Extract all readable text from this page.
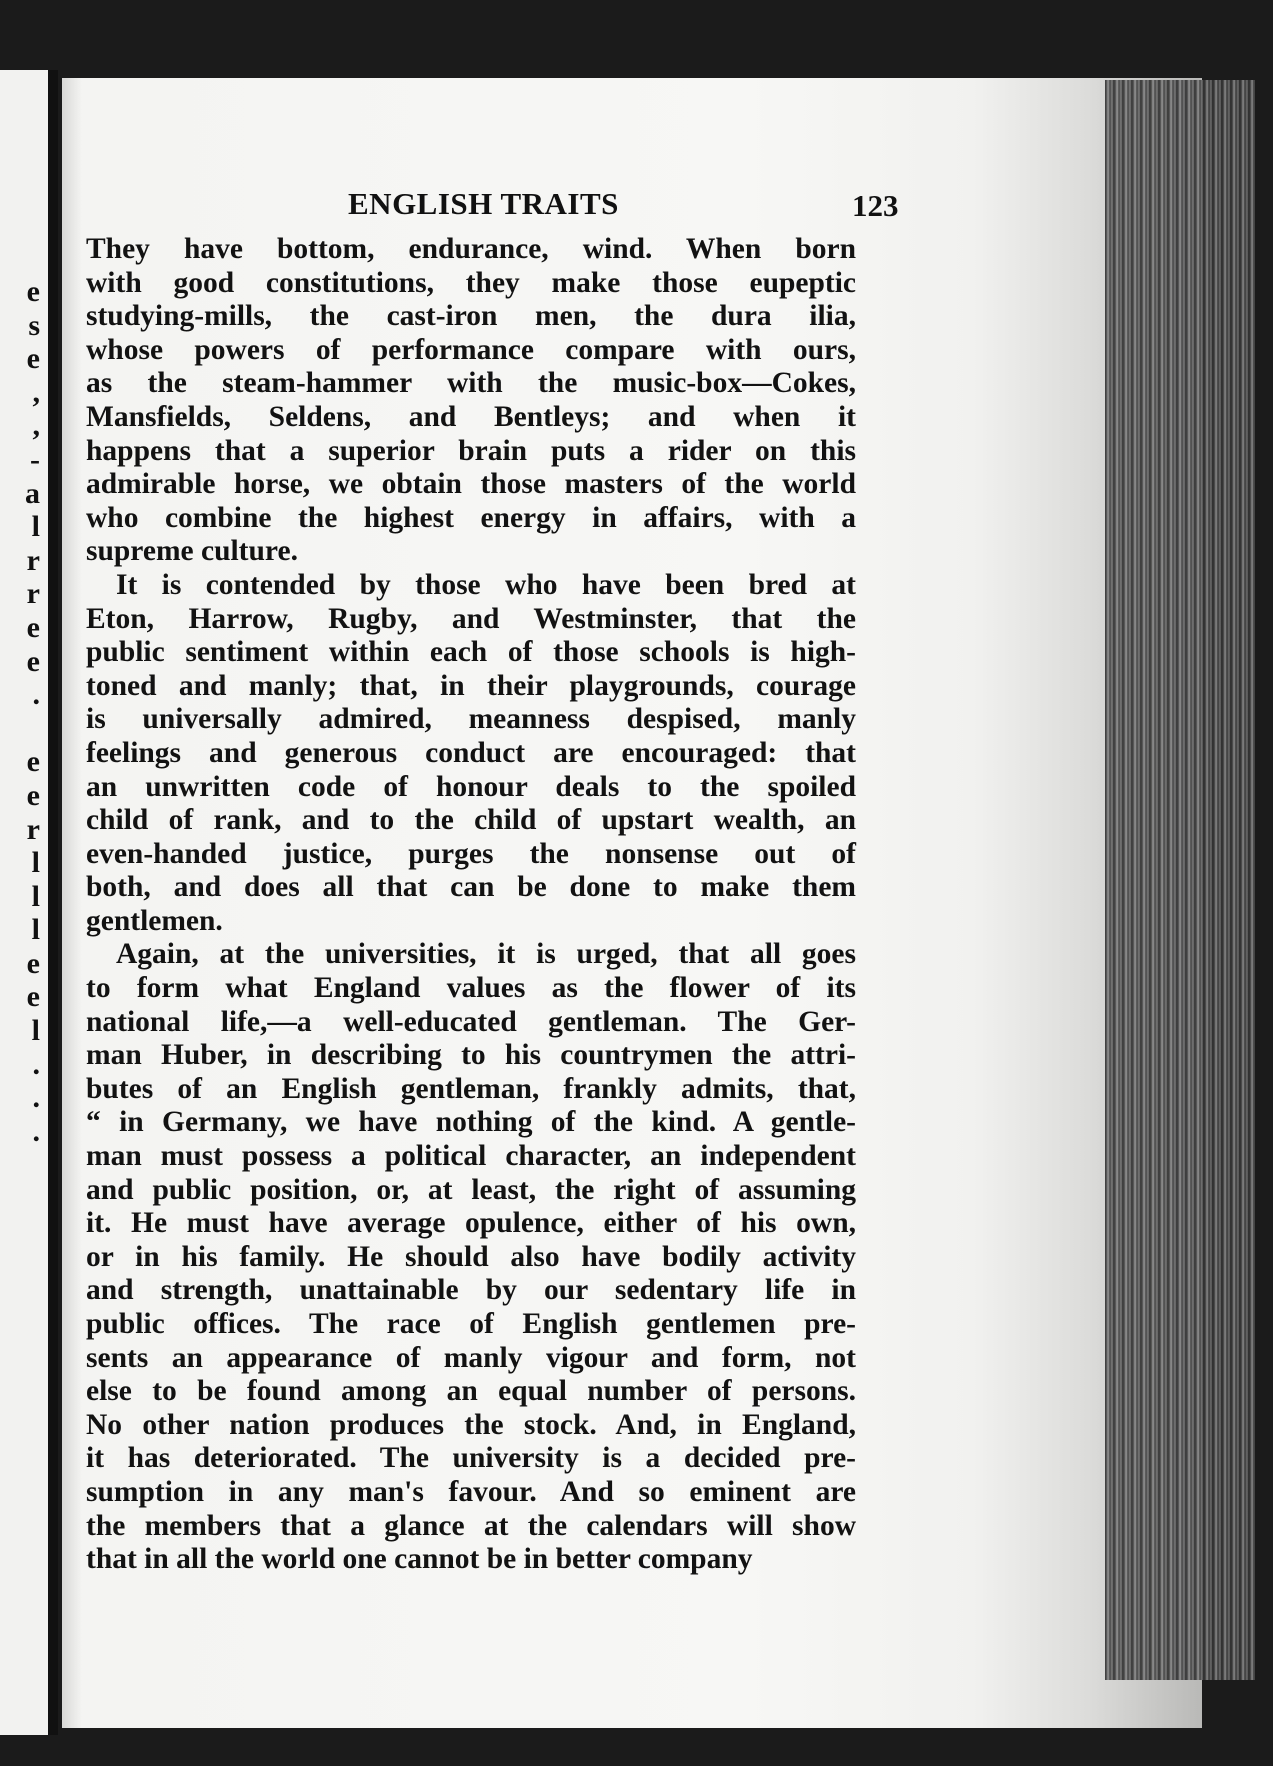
e
s
e
,
,
-
a
l
r
r
e
e
.
e
e
r
l
l
l
e
e
l
.
.
.
ENGLISH TRAITS	123

They have bottom, endurance, wind. When born
with good constitutions, they make those eupeptic
studying-mills, the cast-iron men, the dura ilia,
whose powers of performance compare with ours,
as the steam-hammer with the music-box—Cokes,
Mansfields, Seldens, and Bentleys; and when it
happens that a superior brain puts a rider on this
admirable horse, we obtain those masters of the world
who combine the highest energy in affairs, with a
supreme culture.

It is contended by those who have been bred at
Eton, Harrow, Rugby, and Westminster, that the
public sentiment within each of those schools is high-
toned and manly; that, in their playgrounds, courage
is universally admired, meanness despised, manly
feelings and generous conduct are encouraged: that
an unwritten code of honour deals to the spoiled
child of rank, and to the child of upstart wealth, an
even-handed justice, purges the nonsense out of
both, and does all that can be done to make them
gentlemen.

Again, at the universities, it is urged, that all goes
to form what England values as the flower of its
national life,—a well-educated gentleman. The Ger-
man Huber, in describing to his countrymen the attri-
butes of an English gentleman, frankly admits, that,
“ in Germany, we have nothing of the kind. A gentle-
man must possess a political character, an independent
and public position, or, at least, the right of assuming
it. He must have average opulence, either of his own,
or in his family. He should also have bodily activity
and strength, unattainable by our sedentary life in
public offices. The race of English gentlemen pre-
sents an appearance of manly vigour and form, not
else to be found among an equal number of persons.
No other nation produces the stock. And, in England,
it has deteriorated. The university is a decided pre-
sumption in any man's favour. And so eminent are
the members that a glance at the calendars will show
that in all the world one cannot be in better company
